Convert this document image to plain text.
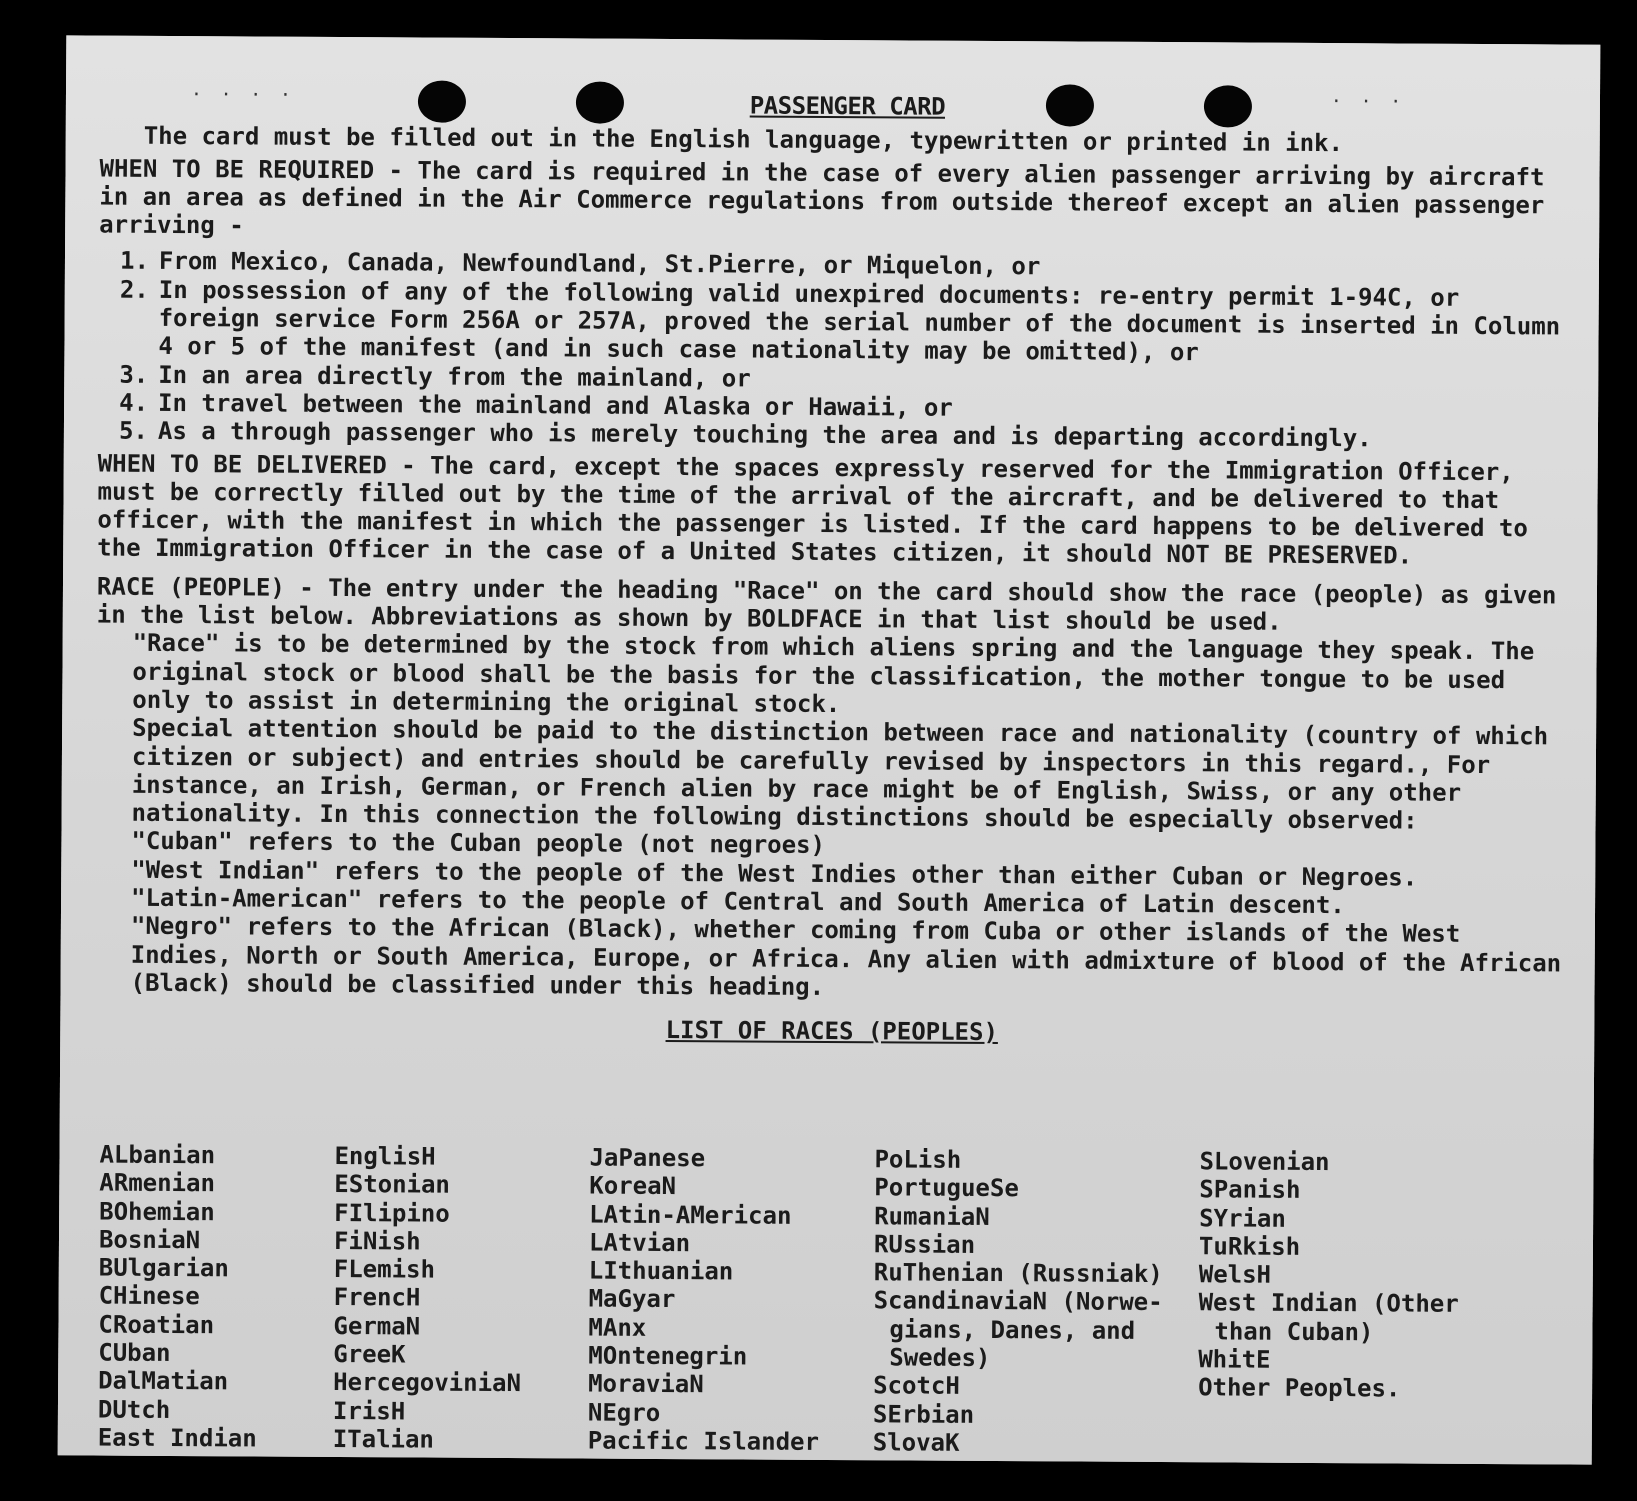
· · · ·	· · ·
PASSENGER CARD

The card must be filled out in the English language, typewritten or printed in ink.

WHEN TO BE REQUIRED - The card is required in the case of every alien passenger arriving by aircraft in an area as defined in the Air Commerce regulations from outside thereof except an alien passenger arriving -

1. From Mexico, Canada, Newfoundland, St.Pierre, or Miquelon, or
2. In possession of any of the following valid unexpired documents: re-entry permit 1-94C, or foreign service Form 256A or 257A, proved the serial number of the document is inserted in Column 4 or 5 of the manifest (and in such case nationality may be omitted), or
3. In an area directly from the mainland, or
4. In travel between the mainland and Alaska or Hawaii, or
5. As a through passenger who is merely touching the area and is departing accordingly.

WHEN TO BE DELIVERED - The card, except the spaces expressly reserved for the Immigration Officer, must be correctly filled out by the time of the arrival of the aircraft, and be delivered to that officer, with the manifest in which the passenger is listed. If the card happens to be delivered to the Immigration Officer in the case of a United States citizen, it should NOT BE PRESERVED.

RACE (PEOPLE) - The entry under the heading "Race" on the card should show the race (people) as given in the list below. Abbreviations as shown by BOLDFACE in that list should be used.

"Race" is to be determined by the stock from which aliens spring and the language they speak. The original stock or blood shall be the basis for the classification, the mother tongue to be used only to assist in determining the original stock.

Special attention should be paid to the distinction between race and nationality (country of which citizen or subject) and entries should be carefully revised by inspectors in this regard., For instance, an Irish, German, or French alien by race might be of English, Swiss, or any other nationality. In this connection the following distinctions should be especially observed:

"Cuban" refers to the Cuban people (not negroes)

"West Indian" refers to the people of the West Indies other than either Cuban or Negroes.

"Latin-American" refers to the people of Central and South America of Latin descent.

"Negro" refers to the African (Black), whether coming from Cuba or other islands of the West Indies, North or South America, Europe, or Africa. Any alien with admixture of blood of the African (Black) should be classified under this heading.

LIST OF RACES (PEOPLES)
ALbanian
ARmenian
BOhemian
BosniaN
BUlgarian
CHinese
CRoatian
CUban
DalMatian
DUtch
East Indian
EnglisH
EStonian
FIlipino
FiNish
FLemish
FrencH
GermaN
GreeK
HercegoviniaN
IrisH
ITalian
JaPanese
KoreaN
LAtin-AMerican
LAtvian
LIthuanian
MaGyar
MAnx
MOntenegrin
MoraviaN
NEgro
Pacific Islander
PoLish
PortugueSe
RumaniaN
RUssian
RuThenian (Russniak)
ScandinaviaN (Norwe-
gians, Danes, and
Swedes)
ScotcH
SErbian
SlovaK
SLovenian
SPanish
SYrian
TuRkish
WelsH
West Indian (Other
than Cuban)
WhitE
Other Peoples.
